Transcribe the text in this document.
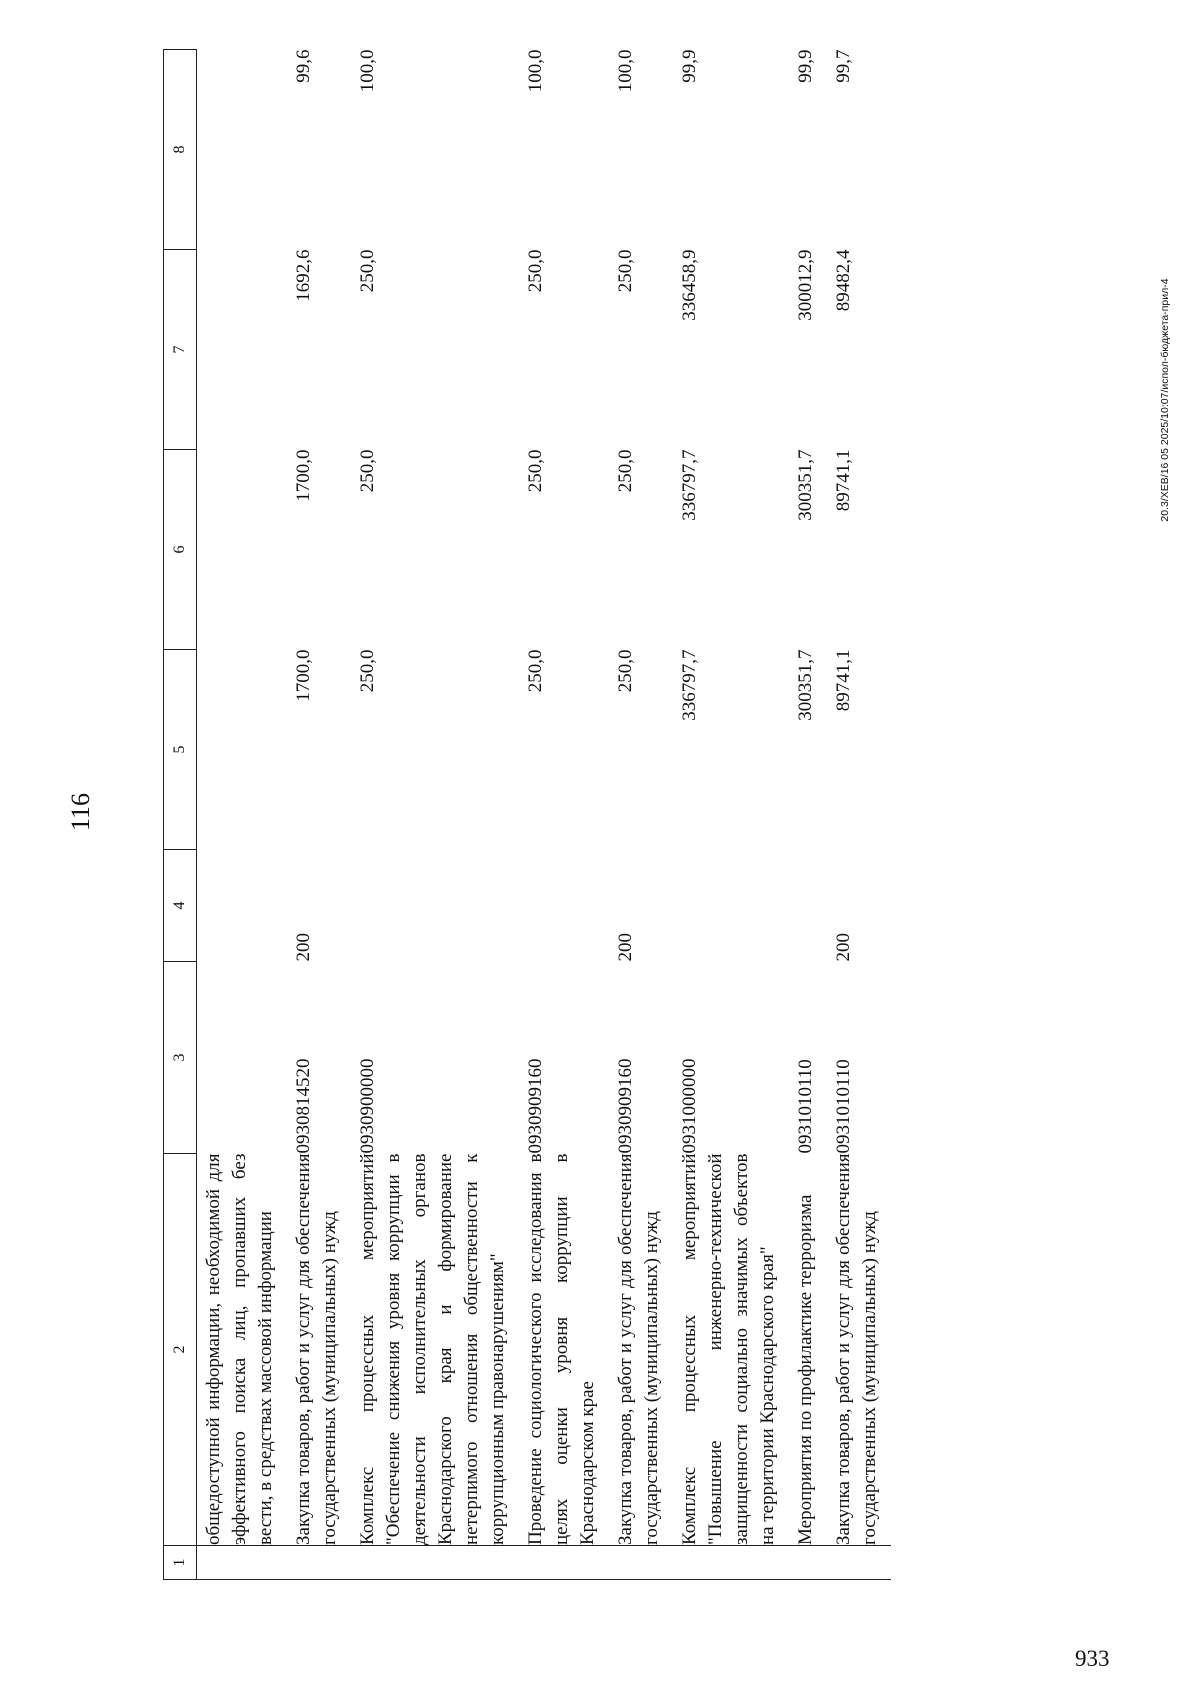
116
1	2	3	4	5	6	7	8
	общедоступной информации, необходимой для эффективного поиска лиц, пропавших без вести, в средствах массовой информации						
	Закупка товаров, работ и услуг для обеспечения государственных (муниципальных) нужд	0930814520	200	1700,0	1700,0	1692,6	99,6
	Комплекс процессных мероприятий "Обеспечение снижения уровня коррупции в деятельности исполнительных органов Краснодарского края и формирование нетерпимого отношения общественности к коррупционным правонарушениям"	0930900000		250,0	250,0	250,0	100,0
	Проведение социологического исследования в целях оценки уровня коррупции в Краснодарском крае	0930909160		250,0	250,0	250,0	100,0
	Закупка товаров, работ и услуг для обеспечения государственных (муниципальных) нужд	0930909160	200	250,0	250,0	250,0	100,0
	Комплекс процессных мероприятий "Повышение инженерно-технической защищенности социально значимых объектов на территории Краснодарского края"	0931000000		336797,7	336797,7	336458,9	99,9
	Мероприятия по профилактике терроризма	0931010110		300351,7	300351,7	300012,9	99,9
	Закупка товаров, работ и услуг для обеспечения государственных (муниципальных) нужд	0931010110	200	89741,1	89741,1	89482,4	99,7
20.3/XEB/16 05 2025/10:07/испол-бюджета-прил-4
933
